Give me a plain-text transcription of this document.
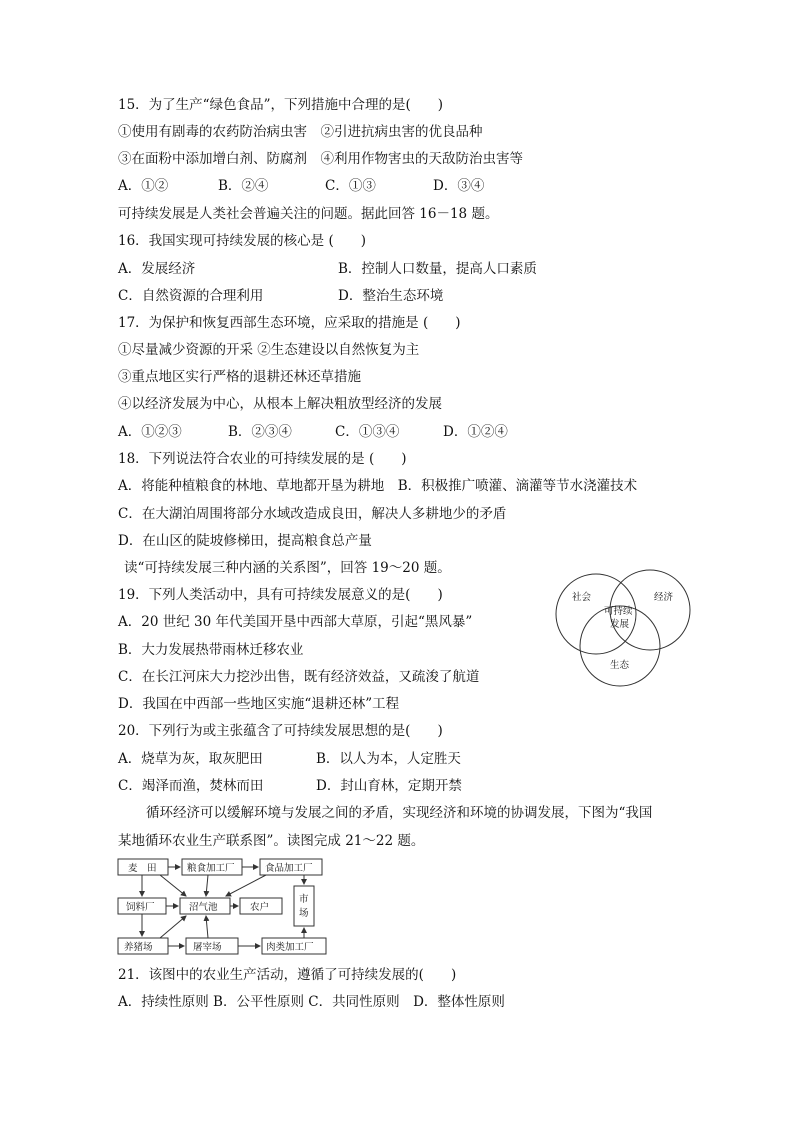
15．为了生产“绿色食品”，下列措施中合理的是(　　)
①使用有剧毒的农药防治病虫害　②引进抗病虫害的优良品种
③在面粉中添加增白剂、防腐剂　④利用作物害虫的天敌防治虫害等
A．①②	B．②④	C．①③	D．③④
可持续发展是人类社会普遍关注的问题。据此回答 16－18 题。
16．我国实现可持续发展的核心是 (　　)
A．发展经济	B．控制人口数量，提高人口素质
C．自然资源的合理利用	D．整治生态环境
17．为保护和恢复西部生态环境，应采取的措施是 (　　)
①尽量减少资源的开采 ②生态建设以自然恢复为主
③重点地区实行严格的退耕还林还草措施
④以经济发展为中心，从根本上解决粗放型经济的发展
A．①②③	B．②③④	C．①③④	D．①②④
18．下列说法符合农业的可持续发展的是 (　　)
A．将能种植粮食的林地、草地都开垦为耕地　B．积极推广喷灌、滴灌等节水浇灌技术
C．在大湖泊周围将部分水域改造成良田，解决人多耕地少的矛盾
D．在山区的陡坡修梯田，提高粮食总产量
读“可持续发展三种内涵的关系图”，回答 19～20 题。
19．下列人类活动中，具有可持续发展意义的是(　　)
A．20 世纪 30 年代美国开垦中西部大草原，引起“黑风暴”
B．大力发展热带雨林迁移农业
C．在长江河床大力挖沙出售，既有经济效益，又疏浚了航道
D．我国在中西部一些地区实施“退耕还林”工程
社会	经济
生态
可持续
发展
20．下列行为或主张蕴含了可持续发展思想的是(　　)
A．烧草为灰，取灰肥田	B．以人为本，人定胜天
C．竭泽而渔，焚林而田	D．封山育林，定期开禁
循环经济可以缓解环境与发展之间的矛盾，实现经济和环境的协调发展，下图为“我国
某地循环农业生产联系图”。读图完成 21～22 题。
麦　田	粮食加工厂	食品加工厂
饲料厂	沼气池	农户
市
场
养猪场	屠宰场	肉类加工厂
21．该图中的农业生产活动，遵循了可持续发展的(　　)
A．持续性原则 B．公平性原则 C．共同性原则　D．整体性原则
